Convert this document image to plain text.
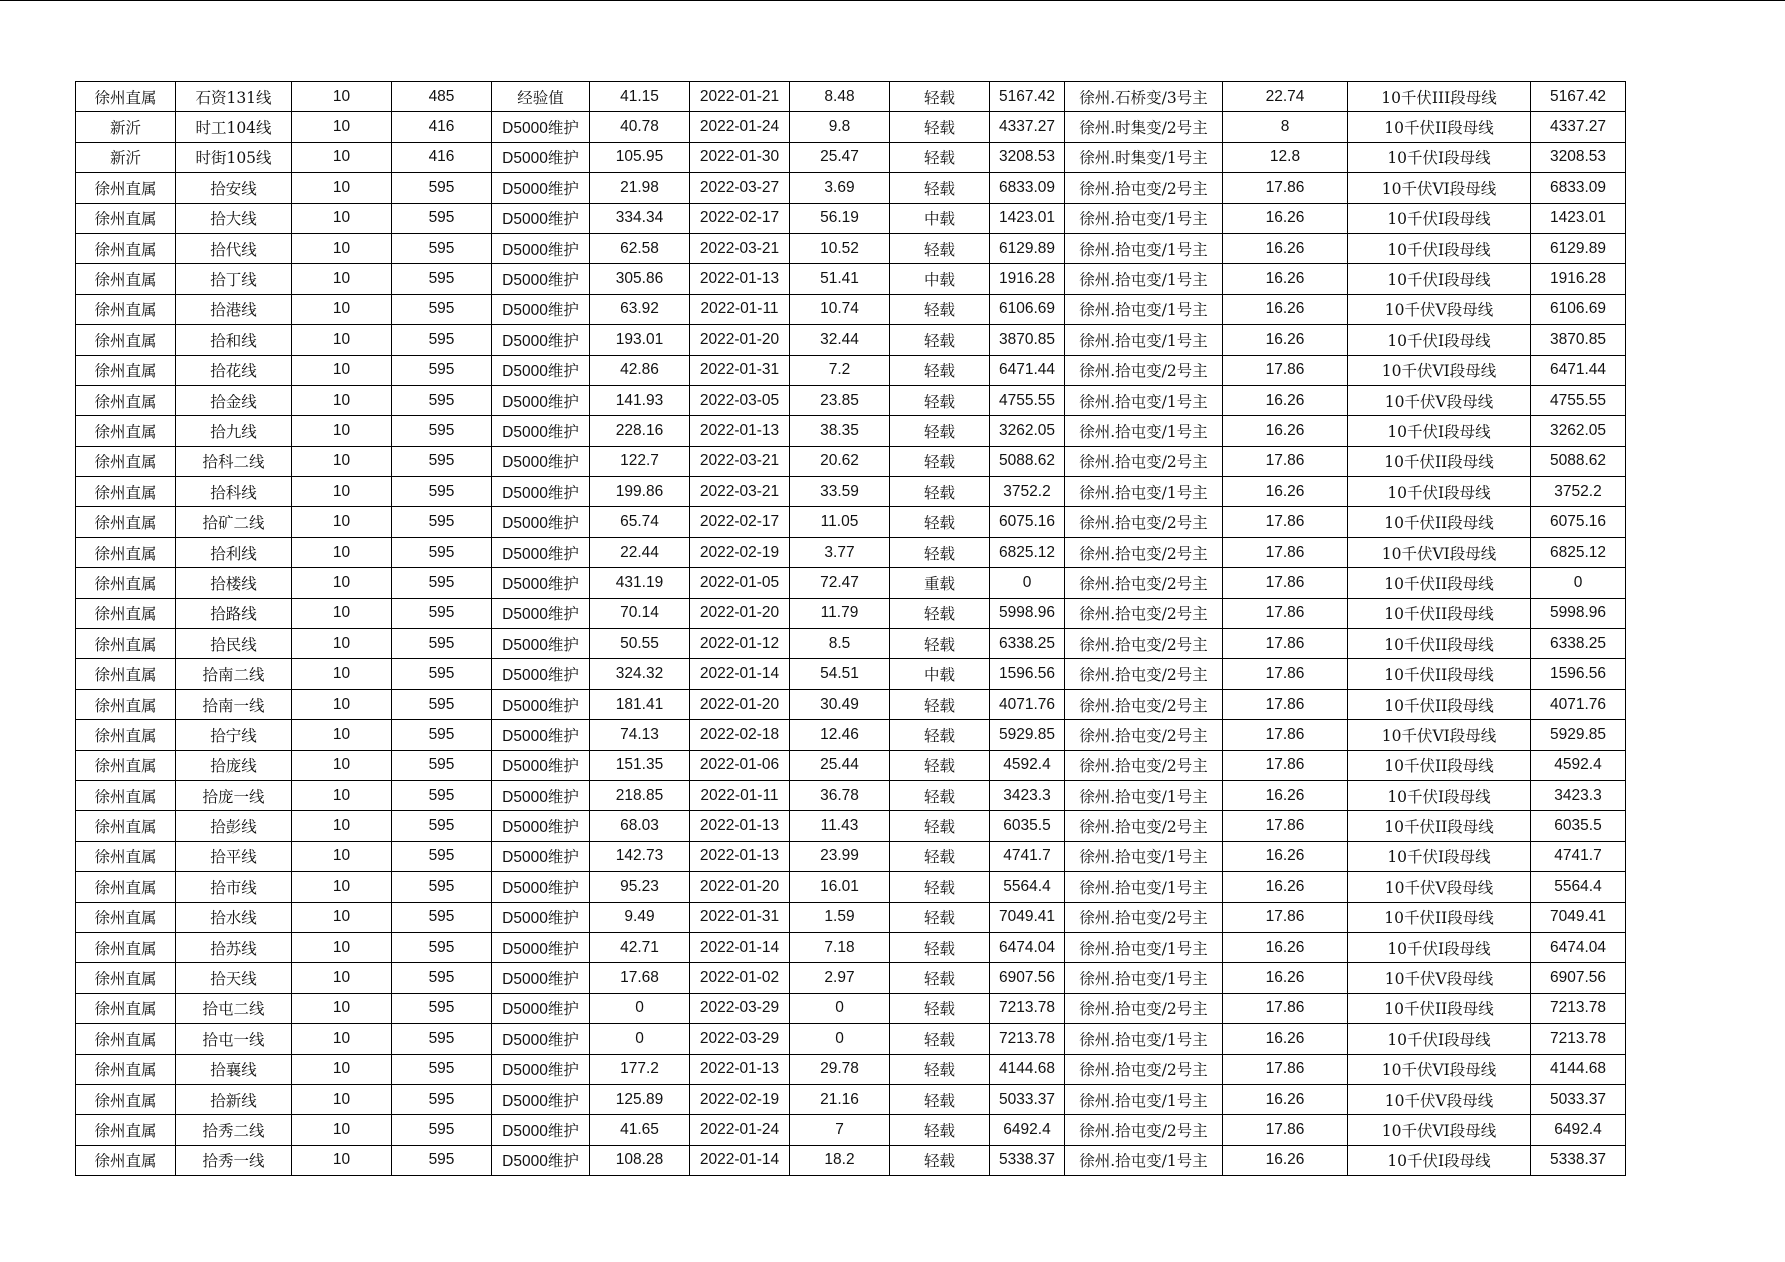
徐州直属	石资131线	10	485	经验值	41.15	2022-01-21	8.48	轻载	5167.42	徐州.石桥变/3号主	22.74	10千伏III段母线	5167.42
新沂	时工104线	10	416	D5000维护	40.78	2022-01-24	9.8	轻载	4337.27	徐州.时集变/2号主	8	10千伏II段母线	4337.27
新沂	时街105线	10	416	D5000维护	105.95	2022-01-30	25.47	轻载	3208.53	徐州.时集变/1号主	12.8	10千伏Ⅰ段母线	3208.53
徐州直属	拾安线	10	595	D5000维护	21.98	2022-03-27	3.69	轻载	6833.09	徐州.拾屯变/2号主	17.86	10千伏VI段母线	6833.09
徐州直属	拾大线	10	595	D5000维护	334.34	2022-02-17	56.19	中载	1423.01	徐州.拾屯变/1号主	16.26	10千伏Ⅰ段母线	1423.01
徐州直属	拾代线	10	595	D5000维护	62.58	2022-03-21	10.52	轻载	6129.89	徐州.拾屯变/1号主	16.26	10千伏Ⅰ段母线	6129.89
徐州直属	拾丁线	10	595	D5000维护	305.86	2022-01-13	51.41	中载	1916.28	徐州.拾屯变/1号主	16.26	10千伏Ⅰ段母线	1916.28
徐州直属	拾港线	10	595	D5000维护	63.92	2022-01-11	10.74	轻载	6106.69	徐州.拾屯变/1号主	16.26	10千伏Ⅴ段母线	6106.69
徐州直属	拾和线	10	595	D5000维护	193.01	2022-01-20	32.44	轻载	3870.85	徐州.拾屯变/1号主	16.26	10千伏Ⅰ段母线	3870.85
徐州直属	拾花线	10	595	D5000维护	42.86	2022-01-31	7.2	轻载	6471.44	徐州.拾屯变/2号主	17.86	10千伏VI段母线	6471.44
徐州直属	拾金线	10	595	D5000维护	141.93	2022-03-05	23.85	轻载	4755.55	徐州.拾屯变/1号主	16.26	10千伏Ⅴ段母线	4755.55
徐州直属	拾九线	10	595	D5000维护	228.16	2022-01-13	38.35	轻载	3262.05	徐州.拾屯变/1号主	16.26	10千伏Ⅰ段母线	3262.05
徐州直属	拾科二线	10	595	D5000维护	122.7	2022-03-21	20.62	轻载	5088.62	徐州.拾屯变/2号主	17.86	10千伏II段母线	5088.62
徐州直属	拾科线	10	595	D5000维护	199.86	2022-03-21	33.59	轻载	3752.2	徐州.拾屯变/1号主	16.26	10千伏Ⅰ段母线	3752.2
徐州直属	拾矿二线	10	595	D5000维护	65.74	2022-02-17	11.05	轻载	6075.16	徐州.拾屯变/2号主	17.86	10千伏II段母线	6075.16
徐州直属	拾利线	10	595	D5000维护	22.44	2022-02-19	3.77	轻载	6825.12	徐州.拾屯变/2号主	17.86	10千伏VI段母线	6825.12
徐州直属	拾楼线	10	595	D5000维护	431.19	2022-01-05	72.47	重载	0	徐州.拾屯变/2号主	17.86	10千伏II段母线	0
徐州直属	拾路线	10	595	D5000维护	70.14	2022-01-20	11.79	轻载	5998.96	徐州.拾屯变/2号主	17.86	10千伏II段母线	5998.96
徐州直属	拾民线	10	595	D5000维护	50.55	2022-01-12	8.5	轻载	6338.25	徐州.拾屯变/2号主	17.86	10千伏II段母线	6338.25
徐州直属	拾南二线	10	595	D5000维护	324.32	2022-01-14	54.51	中载	1596.56	徐州.拾屯变/2号主	17.86	10千伏II段母线	1596.56
徐州直属	拾南一线	10	595	D5000维护	181.41	2022-01-20	30.49	轻载	4071.76	徐州.拾屯变/2号主	17.86	10千伏II段母线	4071.76
徐州直属	拾宁线	10	595	D5000维护	74.13	2022-02-18	12.46	轻载	5929.85	徐州.拾屯变/2号主	17.86	10千伏VI段母线	5929.85
徐州直属	拾庞线	10	595	D5000维护	151.35	2022-01-06	25.44	轻载	4592.4	徐州.拾屯变/2号主	17.86	10千伏II段母线	4592.4
徐州直属	拾庞一线	10	595	D5000维护	218.85	2022-01-11	36.78	轻载	3423.3	徐州.拾屯变/1号主	16.26	10千伏Ⅰ段母线	3423.3
徐州直属	拾彭线	10	595	D5000维护	68.03	2022-01-13	11.43	轻载	6035.5	徐州.拾屯变/2号主	17.86	10千伏II段母线	6035.5
徐州直属	拾平线	10	595	D5000维护	142.73	2022-01-13	23.99	轻载	4741.7	徐州.拾屯变/1号主	16.26	10千伏Ⅰ段母线	4741.7
徐州直属	拾市线	10	595	D5000维护	95.23	2022-01-20	16.01	轻载	5564.4	徐州.拾屯变/1号主	16.26	10千伏Ⅴ段母线	5564.4
徐州直属	拾水线	10	595	D5000维护	9.49	2022-01-31	1.59	轻载	7049.41	徐州.拾屯变/2号主	17.86	10千伏II段母线	7049.41
徐州直属	拾苏线	10	595	D5000维护	42.71	2022-01-14	7.18	轻载	6474.04	徐州.拾屯变/1号主	16.26	10千伏Ⅰ段母线	6474.04
徐州直属	拾天线	10	595	D5000维护	17.68	2022-01-02	2.97	轻载	6907.56	徐州.拾屯变/1号主	16.26	10千伏Ⅴ段母线	6907.56
徐州直属	拾屯二线	10	595	D5000维护	0	2022-03-29	0	轻载	7213.78	徐州.拾屯变/2号主	17.86	10千伏II段母线	7213.78
徐州直属	拾屯一线	10	595	D5000维护	0	2022-03-29	0	轻载	7213.78	徐州.拾屯变/1号主	16.26	10千伏Ⅰ段母线	7213.78
徐州直属	拾襄线	10	595	D5000维护	177.2	2022-01-13	29.78	轻载	4144.68	徐州.拾屯变/2号主	17.86	10千伏VI段母线	4144.68
徐州直属	拾新线	10	595	D5000维护	125.89	2022-02-19	21.16	轻载	5033.37	徐州.拾屯变/1号主	16.26	10千伏Ⅴ段母线	5033.37
徐州直属	拾秀二线	10	595	D5000维护	41.65	2022-01-24	7	轻载	6492.4	徐州.拾屯变/2号主	17.86	10千伏VI段母线	6492.4
徐州直属	拾秀一线	10	595	D5000维护	108.28	2022-01-14	18.2	轻载	5338.37	徐州.拾屯变/1号主	16.26	10千伏Ⅰ段母线	5338.37
